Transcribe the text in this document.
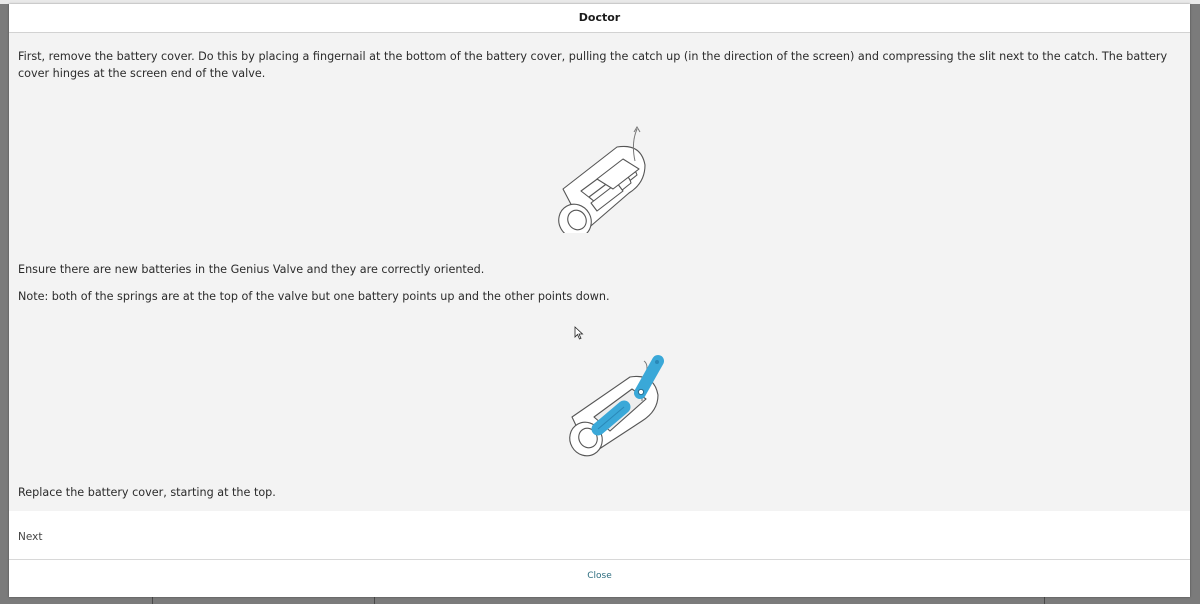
Doctor

First, remove the battery cover. Do this by placing a fingernail at the bottom of the battery cover, pulling the catch up (in the direction of the screen) and compressing the slit next to the catch. The battery cover hinges at the screen end of the valve.

Ensure there are new batteries in the Genius Valve and they are correctly oriented.

Note: both of the springs are at the top of the valve but one battery points up and the other points down.

Replace the battery cover, starting at the top.

Next
Close
